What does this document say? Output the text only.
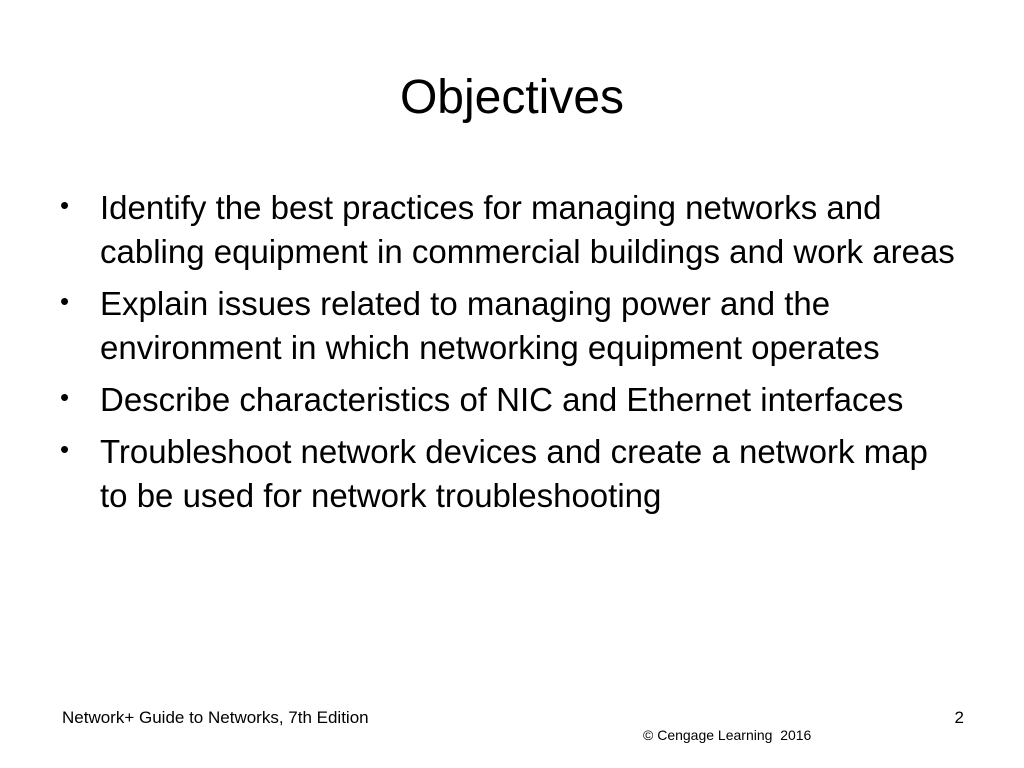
Objectives
• Identify the best practices for managing networks and cabling equipment in commercial buildings and work areas
• Explain issues related to managing power and the environment in which networking equipment operates
• Describe characteristics of NIC and Ethernet interfaces
• Troubleshoot network devices and create a network map to be used for network troubleshooting
Network+ Guide to Networks, 7th Edition	2
© Cengage Learning  2016
